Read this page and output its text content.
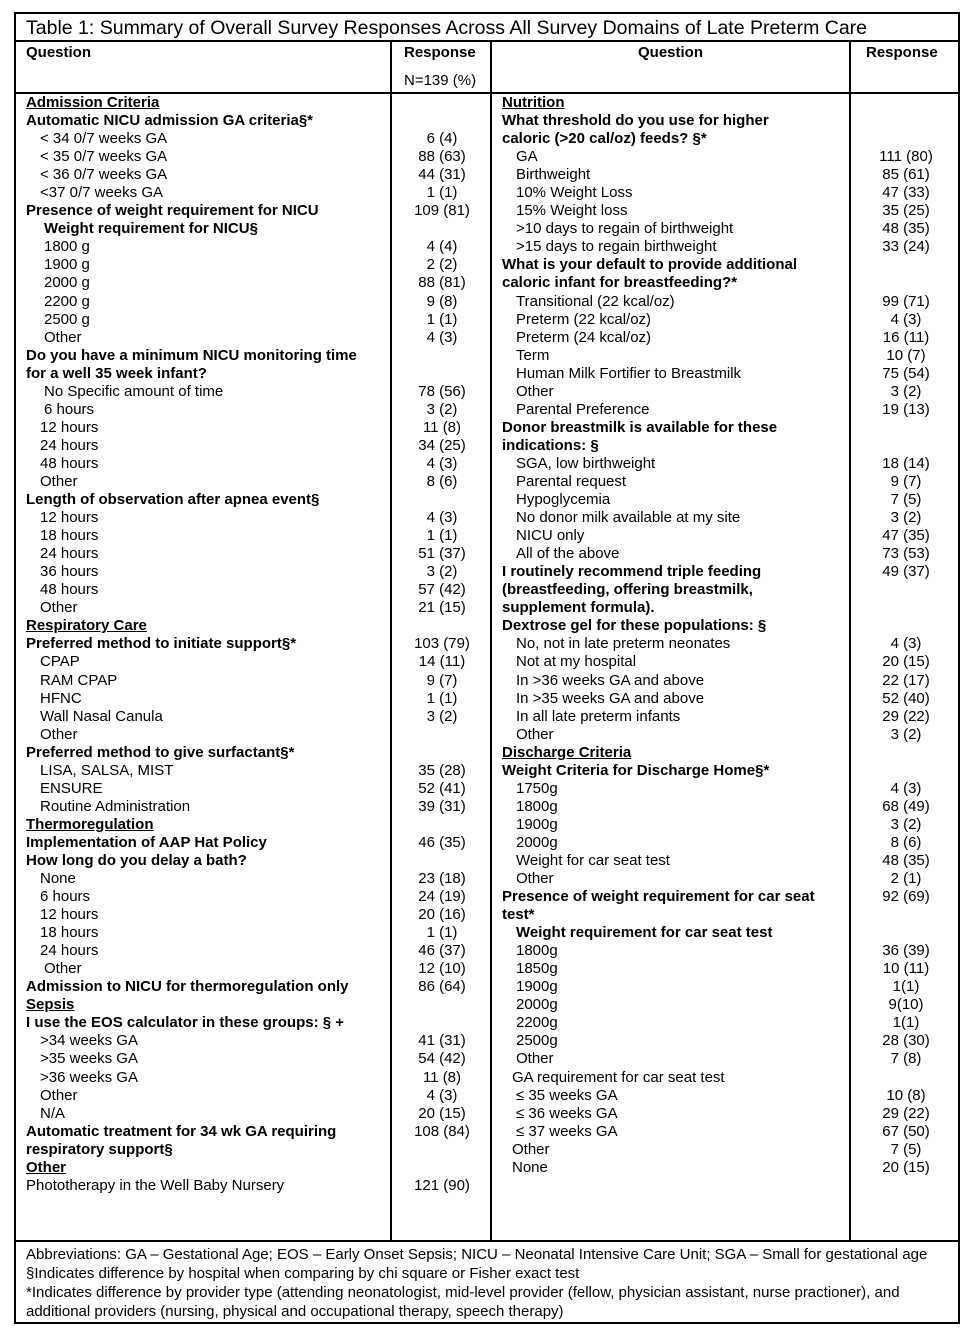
Table 1: Summary of Overall Survey Responses Across All Survey Domains of Late Preterm Care
Question	Response
N=139 (%)
Question	Response
Admission Criteria
Automatic NICU admission GA criteria§*
< 34 0/7 weeks GA	6 (4)
< 35 0/7 weeks GA	88 (63)
< 36 0/7 weeks GA	44 (31)
<37 0/7 weeks GA	1 (1)
Presence of weight requirement for NICU	109 (81)
Weight requirement for NICU§
1800 g	4 (4)
1900 g	2 (2)
2000 g	88 (81)
2200 g	9 (8)
2500 g	1 (1)
Other	4 (3)
Do you have a minimum NICU monitoring time
for a well 35 week infant?
No Specific amount of time	78 (56)
6 hours	3 (2)
12 hours	11 (8)
24 hours	34 (25)
48 hours	4 (3)
Other	8 (6)
Length of observation after apnea event§
12 hours	4 (3)
18 hours	1 (1)
24 hours	51 (37)
36 hours	3 (2)
48 hours	57 (42)
Other	21 (15)
Respiratory Care
Preferred method to initiate support§*	103 (79)
CPAP	14 (11)
RAM CPAP	9 (7)
HFNC	1 (1)
Wall Nasal Canula	3 (2)
Other
Preferred method to give surfactant§*
LISA, SALSA, MIST	35 (28)
ENSURE	52 (41)
Routine Administration	39 (31)
Thermoregulation
Implementation of AAP Hat Policy	46 (35)
How long do you delay a bath?
None	23 (18)
6 hours	24 (19)
12 hours	20 (16)
18 hours	1 (1)
24 hours	46 (37)
Other	12 (10)
Admission to NICU for thermoregulation only	86 (64)
Sepsis
I use the EOS calculator in these groups: § +
>34 weeks GA	41 (31)
>35 weeks GA	54 (42)
>36 weeks GA	11 (8)
Other	4 (3)
N/A	20 (15)
Automatic treatment for 34 wk GA requiring	108 (84)
respiratory support§
Other
Phototherapy in the Well Baby Nursery	121 (90)
Nutrition
What threshold do you use for higher
caloric (>20 cal/oz) feeds? §*
GA	111 (80)
Birthweight	85 (61)
10% Weight Loss	47 (33)
15% Weight loss	35 (25)
>10 days to regain of birthweight	48 (35)
>15 days to regain birthweight	33 (24)
What is your default to provide additional
caloric infant for breastfeeding?*
Transitional (22 kcal/oz)	99 (71)
Preterm (22 kcal/oz)	4 (3)
Preterm (24 kcal/oz)	16 (11)
Term	10 (7)
Human Milk Fortifier to Breastmilk	75 (54)
Other	3 (2)
Parental Preference	19 (13)
Donor breastmilk is available for these
indications: §
SGA, low birthweight	18 (14)
Parental request	9 (7)
Hypoglycemia	7 (5)
No donor milk available at my site	3 (2)
NICU only	47 (35)
All of the above	73 (53)
I routinely recommend triple feeding	49 (37)
(breastfeeding, offering breastmilk,
supplement formula).
Dextrose gel for these populations: §
No, not in late preterm neonates	4 (3)
Not at my hospital	20 (15)
In >36 weeks GA and above	22 (17)
In >35 weeks GA and above	52 (40)
In all late preterm infants	29 (22)
Other	3 (2)
Discharge Criteria
Weight Criteria for Discharge Home§*
1750g	4 (3)
1800g	68 (49)
1900g	3 (2)
2000g	8 (6)
Weight for car seat test	48 (35)
Other	2 (1)
Presence of weight requirement for car seat	92 (69)
test*
Weight requirement for car seat test
1800g	36 (39)
1850g	10 (11)
1900g	1(1)
2000g	9(10)
2200g	1(1)
2500g	28 (30)
Other	7 (8)
GA requirement for car seat test
≤ 35 weeks GA	10 (8)
≤ 36 weeks GA	29 (22)
≤ 37 weeks GA	67 (50)
Other	7 (5)
None	20 (15)
Abbreviations: GA – Gestational Age; EOS – Early Onset Sepsis; NICU – Neonatal Intensive Care Unit; SGA – Small for gestational age
§Indicates difference by hospital when comparing by chi square or Fisher exact test
*Indicates difference by provider type (attending neonatologist, mid-level provider (fellow, physician assistant, nurse practioner), and additional providers (nursing, physical and occupational therapy, speech therapy)
